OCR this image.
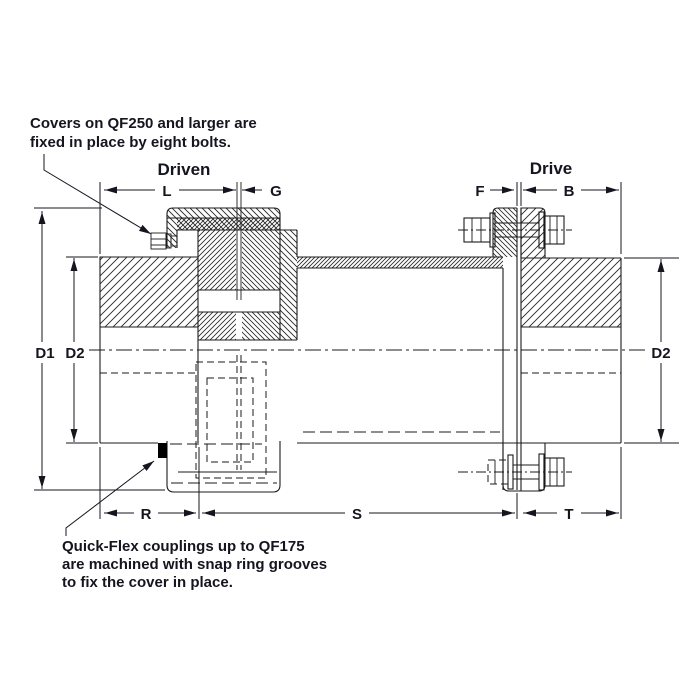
L	G	F	B
D1 D2	D2
R	S	T
Driven	Drive
Covers on QF250 and larger are
fixed in place by eight bolts.
Quick-Flex couplings up to QF175
are machined with snap ring grooves
to fix the cover in place.
